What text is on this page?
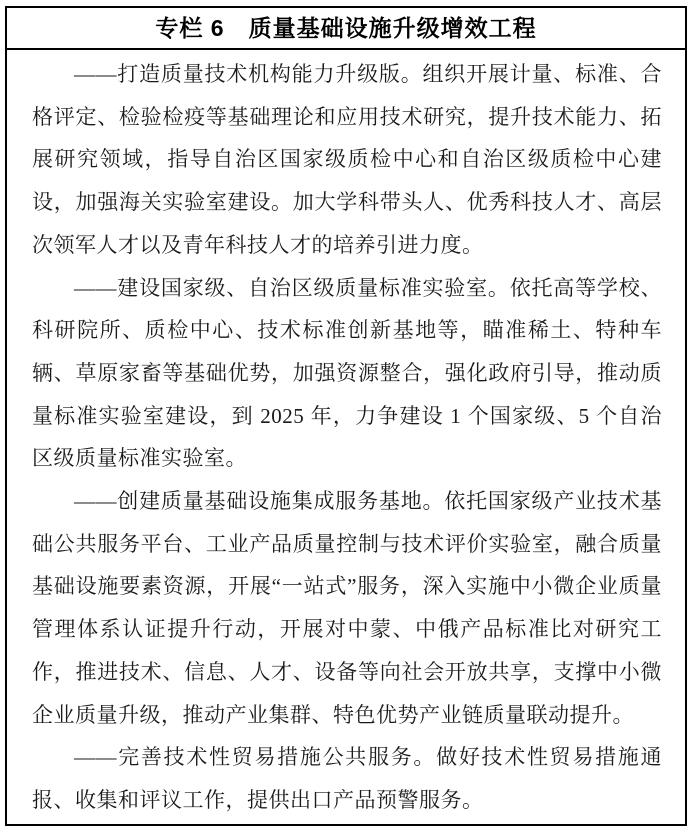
专栏 6　质量基础设施升级增效工程

——打造质量技术机构能力升级版。组织开展计量、标准、合格评定、检验检疫等基础理论和应用技术研究，提升技术能力、拓展研究领域，指导自治区国家级质检中心和自治区级质检中心建设，加强海关实验室建设。加大学科带头人、优秀科技人才、高层次领军人才以及青年科技人才的培养引进力度。

——建设国家级、自治区级质量标准实验室。依托高等学校、科研院所、质检中心、技术标准创新基地等，瞄准稀土、特种车辆、草原家畜等基础优势，加强资源整合，强化政府引导，推动质量标准实验室建设，到 2025 年，力争建设 1 个国家级、5 个自治区级质量标准实验室。

——创建质量基础设施集成服务基地。依托国家级产业技术基础公共服务平台、工业产品质量控制与技术评价实验室，融合质量基础设施要素资源，开展“一站式”服务，深入实施中小微企业质量管理体系认证提升行动，开展对中蒙、中俄产品标准比对研究工作，推进技术、信息、人才、设备等向社会开放共享，支撑中小微企业质量升级，推动产业集群、特色优势产业链质量联动提升。

——完善技术性贸易措施公共服务。做好技术性贸易措施通报、收集和评议工作，提供出口产品预警服务。
